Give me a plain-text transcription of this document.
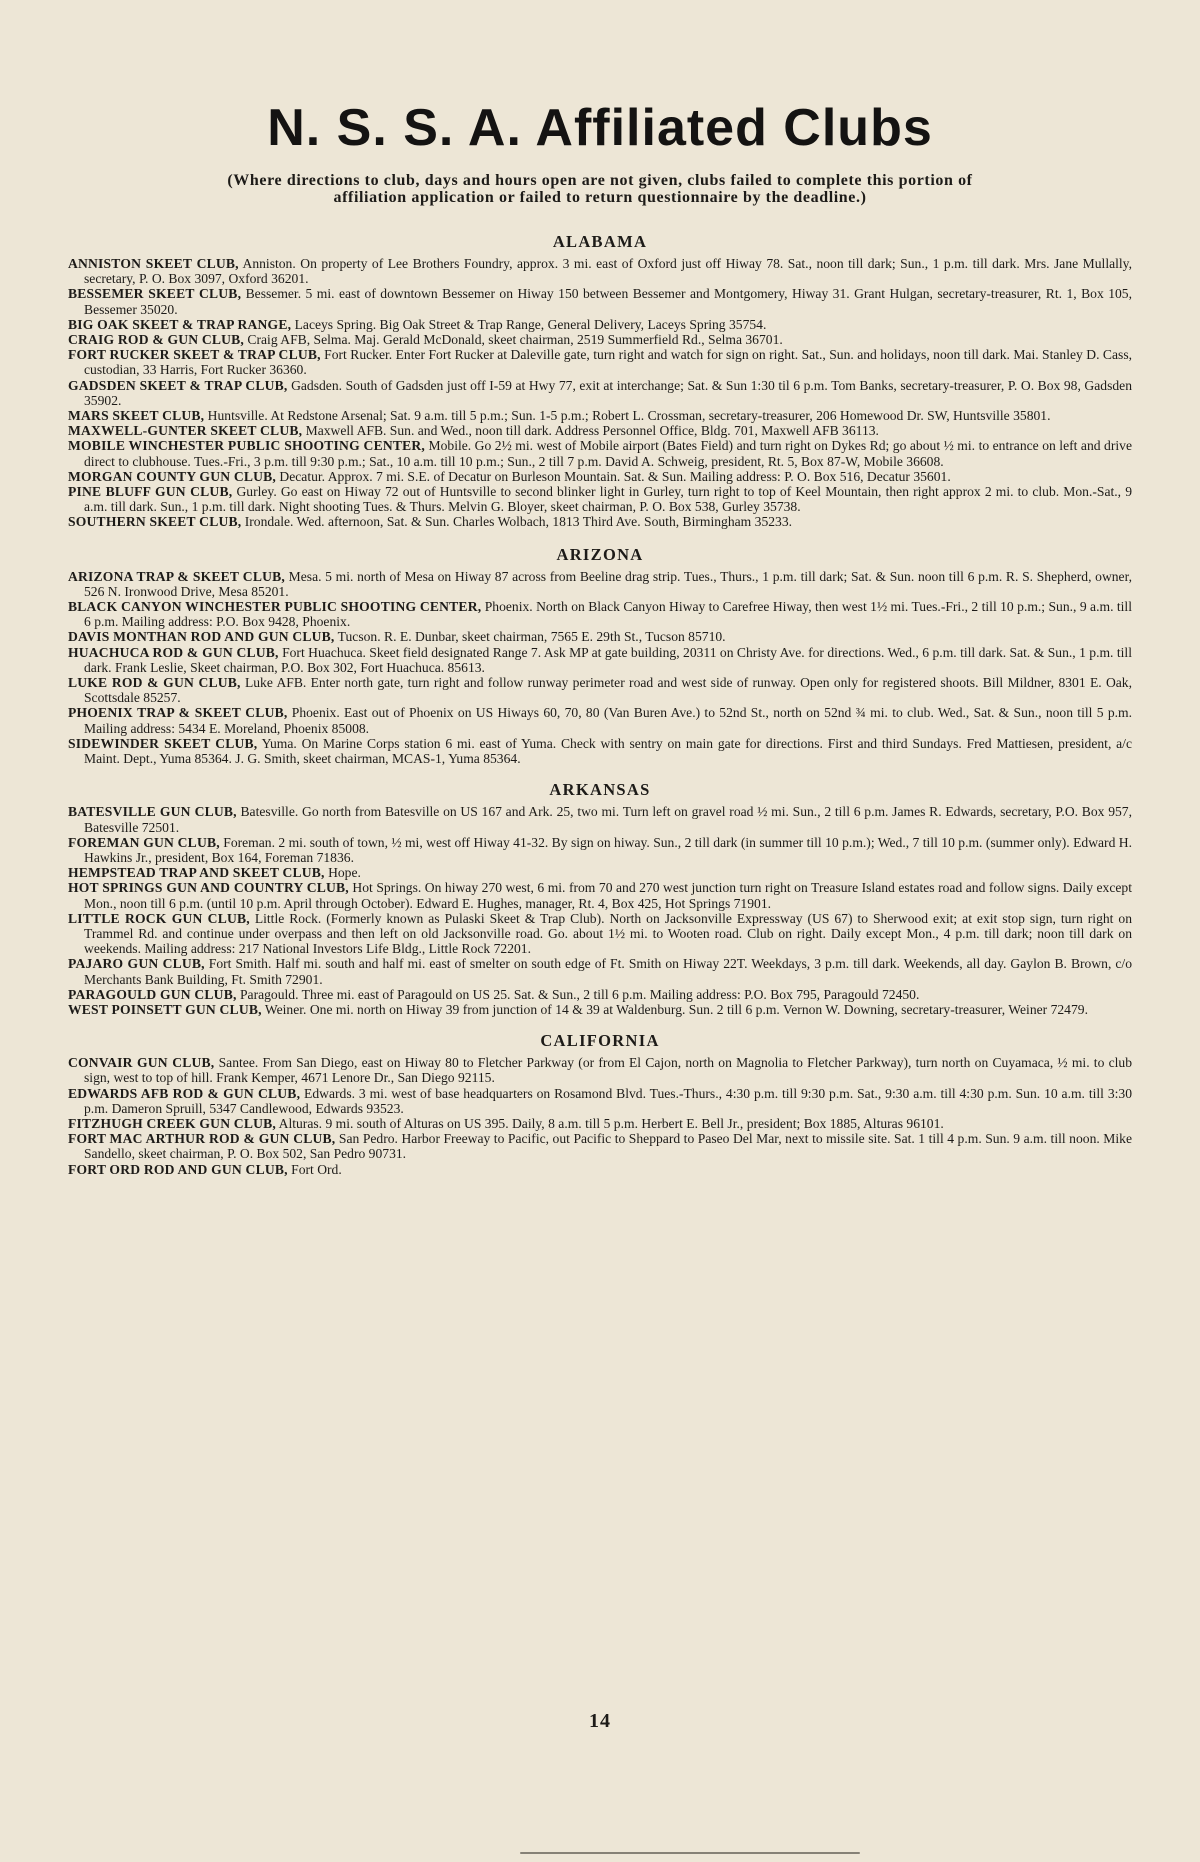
N. S. S. A. Affiliated Clubs

(Where directions to club, days and hours open are not given, clubs failed to complete this portion of affiliation application or failed to return questionnaire by the deadline.)

ALABAMA
ANNISTON SKEET CLUB, Anniston. On property of Lee Brothers Foundry, approx. 3 mi. east of Oxford just off Hiway 78. Sat., noon till dark; Sun., 1 p.m. till dark. Mrs. Jane Mullally, secretary, P. O. Box 3097, Oxford 36201.
BESSEMER SKEET CLUB, Bessemer. 5 mi. east of downtown Bessemer on Hiway 150 between Bessemer and Montgomery, Hiway 31. Grant Hulgan, secretary-treasurer, Rt. 1, Box 105, Bessemer 35020.
BIG OAK SKEET & TRAP RANGE, Laceys Spring. Big Oak Street & Trap Range, General Delivery, Laceys Spring 35754.
CRAIG ROD & GUN CLUB, Craig AFB, Selma. Maj. Gerald McDonald, skeet chairman, 2519 Summerfield Rd., Selma 36701.
FORT RUCKER SKEET & TRAP CLUB, Fort Rucker. Enter Fort Rucker at Daleville gate, turn right and watch for sign on right. Sat., Sun. and holidays, noon till dark. Mai. Stanley D. Cass, custodian, 33 Harris, Fort Rucker 36360.
GADSDEN SKEET & TRAP CLUB, Gadsden. South of Gadsden just off I-59 at Hwy 77, exit at interchange; Sat. & Sun 1:30 til 6 p.m. Tom Banks, secretary-treasurer, P. O. Box 98, Gadsden 35902.
MARS SKEET CLUB, Huntsville. At Redstone Arsenal; Sat. 9 a.m. till 5 p.m.; Sun. 1-5 p.m.; Robert L. Crossman, secretary-treasurer, 206 Homewood Dr. SW, Huntsville 35801.
MAXWELL-GUNTER SKEET CLUB, Maxwell AFB. Sun. and Wed., noon till dark. Address Personnel Office, Bldg. 701, Maxwell AFB 36113.
MOBILE WINCHESTER PUBLIC SHOOTING CENTER, Mobile. Go 2½ mi. west of Mobile airport (Bates Field) and turn right on Dykes Rd; go about ½ mi. to entrance on left and drive direct to clubhouse. Tues.-Fri., 3 p.m. till 9:30 p.m.; Sat., 10 a.m. till 10 p.m.; Sun., 2 till 7 p.m. David A. Schweig, president, Rt. 5, Box 87-W, Mobile 36608.
MORGAN COUNTY GUN CLUB, Decatur. Approx. 7 mi. S.E. of Decatur on Burleson Mountain. Sat. & Sun. Mailing address: P. O. Box 516, Decatur 35601.
PINE BLUFF GUN CLUB, Gurley. Go east on Hiway 72 out of Huntsville to second blinker light in Gurley, turn right to top of Keel Mountain, then right approx 2 mi. to club. Mon.-Sat., 9 a.m. till dark. Sun., 1 p.m. till dark. Night shooting Tues. & Thurs. Melvin G. Bloyer, skeet chairman, P. O. Box 538, Gurley 35738.
SOUTHERN SKEET CLUB, Irondale. Wed. afternoon, Sat. & Sun. Charles Wolbach, 1813 Third Ave. South, Birmingham 35233.
ARIZONA
ARIZONA TRAP & SKEET CLUB, Mesa. 5 mi. north of Mesa on Hiway 87 across from Beeline drag strip. Tues., Thurs., 1 p.m. till dark; Sat. & Sun. noon till 6 p.m. R. S. Shepherd, owner, 526 N. Ironwood Drive, Mesa 85201.
BLACK CANYON WINCHESTER PUBLIC SHOOTING CENTER, Phoenix. North on Black Canyon Hiway to Carefree Hiway, then west 1½ mi. Tues.-Fri., 2 till 10 p.m.; Sun., 9 a.m. till 6 p.m. Mailing address: P.O. Box 9428, Phoenix.
DAVIS MONTHAN ROD AND GUN CLUB, Tucson. R. E. Dunbar, skeet chairman, 7565 E. 29th St., Tucson 85710.
HUACHUCA ROD & GUN CLUB, Fort Huachuca. Skeet field designated Range 7. Ask MP at gate building, 20311 on Christy Ave. for directions. Wed., 6 p.m. till dark. Sat. & Sun., 1 p.m. till dark. Frank Leslie, Skeet chairman, P.O. Box 302, Fort Huachuca. 85613.
LUKE ROD & GUN CLUB, Luke AFB. Enter north gate, turn right and follow runway perimeter road and west side of runway. Open only for registered shoots. Bill Mildner, 8301 E. Oak, Scottsdale 85257.
PHOENIX TRAP & SKEET CLUB, Phoenix. East out of Phoenix on US Hiways 60, 70, 80 (Van Buren Ave.) to 52nd St., north on 52nd ¾ mi. to club. Wed., Sat. & Sun., noon till 5 p.m. Mailing address: 5434 E. Moreland, Phoenix 85008.
SIDEWINDER SKEET CLUB, Yuma. On Marine Corps station 6 mi. east of Yuma. Check with sentry on main gate for directions. First and third Sundays. Fred Mattiesen, president, a/c Maint. Dept., Yuma 85364. J. G. Smith, skeet chairman, MCAS-1, Yuma 85364.
ARKANSAS
BATESVILLE GUN CLUB, Batesville. Go north from Batesville on US 167 and Ark. 25, two mi. Turn left on gravel road ½ mi. Sun., 2 till 6 p.m. James R. Edwards, secretary, P.O. Box 957, Batesville 72501.
FOREMAN GUN CLUB, Foreman. 2 mi. south of town, ½ mi, west off Hiway 41-32. By sign on hiway. Sun., 2 till dark (in summer till 10 p.m.); Wed., 7 till 10 p.m. (summer only). Edward H. Hawkins Jr., president, Box 164, Foreman 71836.
HEMPSTEAD TRAP AND SKEET CLUB, Hope.
HOT SPRINGS GUN AND COUNTRY CLUB, Hot Springs. On hiway 270 west, 6 mi. from 70 and 270 west junction turn right on Treasure Island estates road and follow signs. Daily except Mon., noon till 6 p.m. (until 10 p.m. April through October). Edward E. Hughes, manager, Rt. 4, Box 425, Hot Springs 71901.
LITTLE ROCK GUN CLUB, Little Rock. (Formerly known as Pulaski Skeet & Trap Club). North on Jacksonville Expressway (US 67) to Sherwood exit; at exit stop sign, turn right on Trammel Rd. and continue under overpass and then left on old Jacksonville road. Go. about 1½ mi. to Wooten road. Club on right. Daily except Mon., 4 p.m. till dark; noon till dark on weekends. Mailing address: 217 National Investors Life Bldg., Little Rock 72201.
PAJARO GUN CLUB, Fort Smith. Half mi. south and half mi. east of smelter on south edge of Ft. Smith on Hiway 22T. Weekdays, 3 p.m. till dark. Weekends, all day. Gaylon B. Brown, c/o Merchants Bank Building, Ft. Smith 72901.
PARAGOULD GUN CLUB, Paragould. Three mi. east of Paragould on US 25. Sat. & Sun., 2 till 6 p.m. Mailing address: P.O. Box 795, Paragould 72450.
WEST POINSETT GUN CLUB, Weiner. One mi. north on Hiway 39 from junction of 14 & 39 at Waldenburg. Sun. 2 till 6 p.m. Vernon W. Downing, secretary-treasurer, Weiner 72479.
CALIFORNIA
CONVAIR GUN CLUB, Santee. From San Diego, east on Hiway 80 to Fletcher Parkway (or from El Cajon, north on Magnolia to Fletcher Parkway), turn north on Cuyamaca, ½ mi. to club sign, west to top of hill. Frank Kemper, 4671 Lenore Dr., San Diego 92115.
EDWARDS AFB ROD & GUN CLUB, Edwards. 3 mi. west of base headquarters on Rosamond Blvd. Tues.-Thurs., 4:30 p.m. till 9:30 p.m. Sat., 9:30 a.m. till 4:30 p.m. Sun. 10 a.m. till 3:30 p.m. Dameron Spruill, 5347 Candlewood, Edwards 93523.
FITZHUGH CREEK GUN CLUB, Alturas. 9 mi. south of Alturas on US 395. Daily, 8 a.m. till 5 p.m. Herbert E. Bell Jr., president; Box 1885, Alturas 96101.
FORT MAC ARTHUR ROD & GUN CLUB, San Pedro. Harbor Freeway to Pacific, out Pacific to Sheppard to Paseo Del Mar, next to missile site. Sat. 1 till 4 p.m. Sun. 9 a.m. till noon. Mike Sandello, skeet chairman, P. O. Box 502, San Pedro 90731.
FORT ORD ROD AND GUN CLUB, Fort Ord.
14
